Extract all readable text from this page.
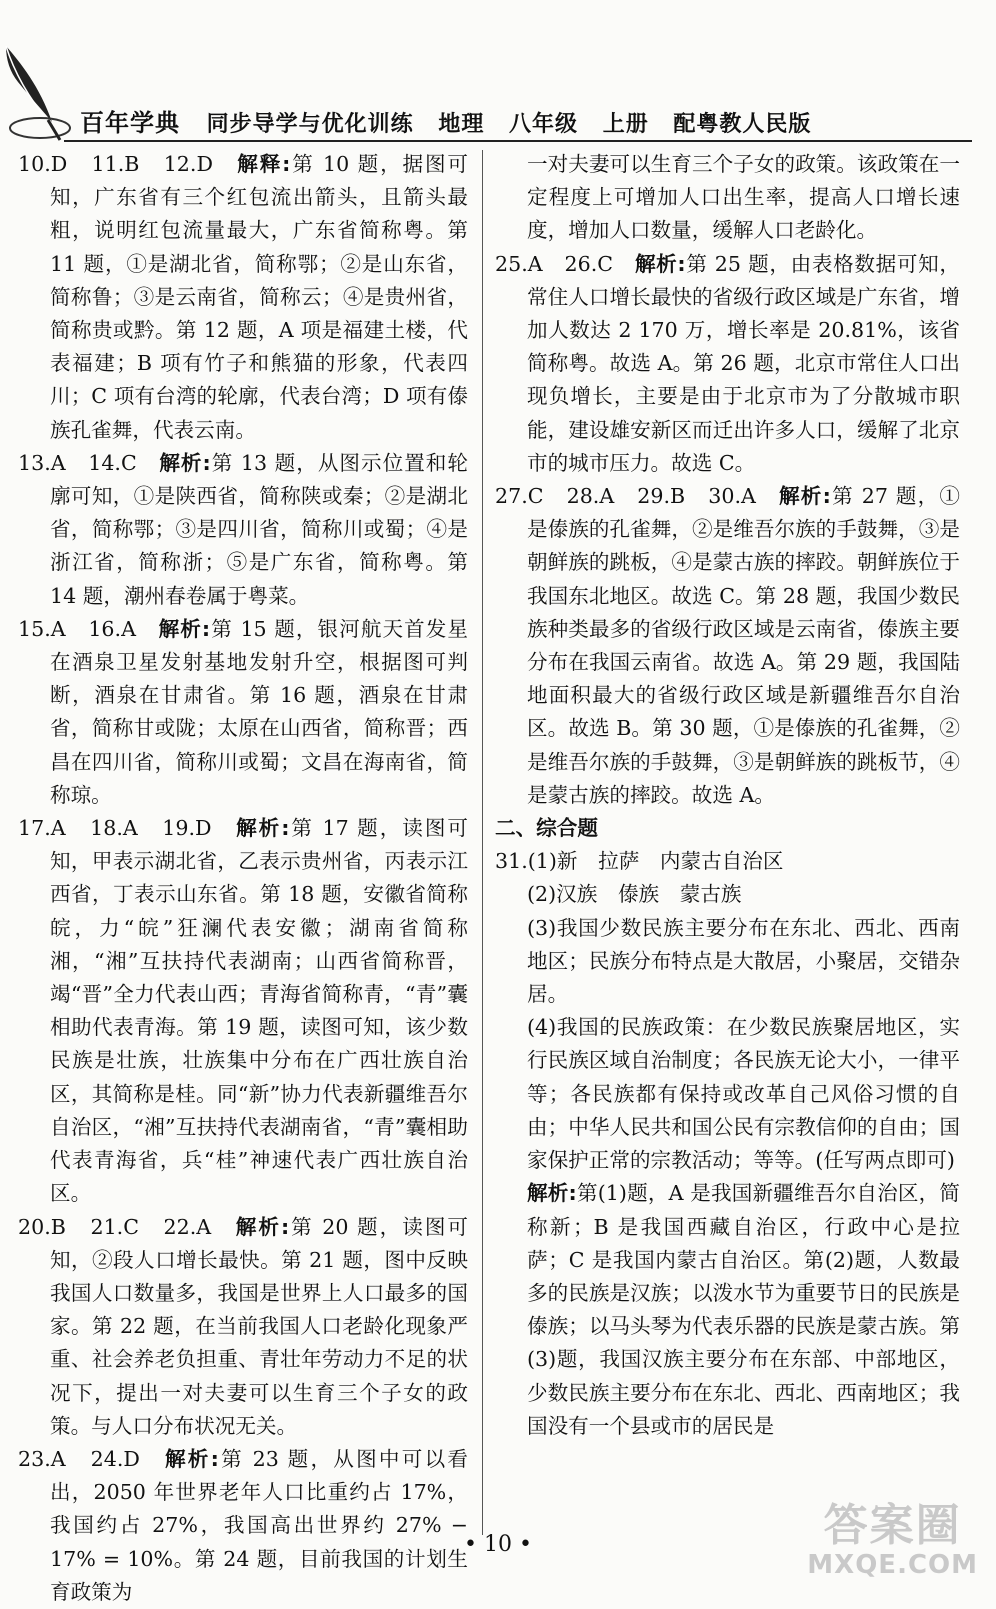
百年学典 同步导学与优化训练 地理 八年级 上册 配粤教人民版

10.D　11.B　12.D　解释:第 10 题，据图可知，广东省有三个红包流出箭头，且箭头最粗，说明红包流量最大，广东省简称粤。第 11 题，①是湖北省，简称鄂；②是山东省，简称鲁；③是云南省，简称云；④是贵州省，简称贵或黔。第 12 题，A 项是福建土楼，代表福建；B 项有竹子和熊猫的形象，代表四川；C 项有台湾的轮廓，代表台湾；D 项有傣族孔雀舞，代表云南。

13.A　14.C　解析:第 13 题，从图示位置和轮廓可知，①是陕西省，简称陕或秦；②是湖北省，简称鄂；③是四川省，简称川或蜀；④是浙江省，简称浙；⑤是广东省，简称粤。第 14 题，潮州春卷属于粤菜。

15.A　16.A　解析:第 15 题，银河航天首发星在酒泉卫星发射基地发射升空，根据图可判断，酒泉在甘肃省。第 16 题，酒泉在甘肃省，简称甘或陇；太原在山西省，简称晋；西昌在四川省，简称川或蜀；文昌在海南省，简称琼。

17.A　18.A　19.D　解析:第 17 题，读图可知，甲表示湖北省，乙表示贵州省，丙表示江西省，丁表示山东省。第 18 题，安徽省简称皖，力“皖”狂澜代表安徽；湖南省简称湘，“湘”互扶持代表湖南；山西省简称晋，竭“晋”全力代表山西；青海省简称青，“青”囊相助代表青海。第 19 题，读图可知，该少数民族是壮族，壮族集中分布在广西壮族自治区，其简称是桂。同“新”协力代表新疆维吾尔自治区，“湘”互扶持代表湖南省，“青”囊相助代表青海省，兵“桂”神速代表广西壮族自治区。

20.B　21.C　22.A　解析:第 20 题，读图可知，②段人口增长最快。第 21 题，图中反映我国人口数量多，我国是世界上人口最多的国家。第 22 题，在当前我国人口老龄化现象严重、社会养老负担重、青壮年劳动力不足的状况下，提出一对夫妻可以生育三个子女的政策。与人口分布状况无关。

23.A　24.D　解析:第 23 题，从图中可以看出，2050 年世界老年人口比重约占 17%，我国约占 27%，我国高出世界约 27% − 17% = 10%。第 24 题，目前我国的计划生育政策为

一对夫妻可以生育三个子女的政策。该政策在一定程度上可增加人口出生率，提高人口增长速度，增加人口数量，缓解人口老龄化。

25.A　26.C　解析:第 25 题，由表格数据可知，常住人口增长最快的省级行政区域是广东省，增加人数达 2 170 万，增长率是 20.81%，该省简称粤。故选 A。第 26 题，北京市常住人口出现负增长，主要是由于北京市为了分散城市职能，建设雄安新区而迁出许多人口，缓解了北京市的城市压力。故选 C。

27.C　28.A　29.B　30.A　解析:第 27 题，①是傣族的孔雀舞，②是维吾尔族的手鼓舞，③是朝鲜族的跳板，④是蒙古族的摔跤。朝鲜族位于我国东北地区。故选 C。第 28 题，我国少数民族种类最多的省级行政区域是云南省，傣族主要分布在我国云南省。故选 A。第 29 题，我国陆地面积最大的省级行政区域是新疆维吾尔自治区。故选 B。第 30 题，①是傣族的孔雀舞，②是维吾尔族的手鼓舞，③是朝鲜族的跳板节，④是蒙古族的摔跤。故选 A。

二、综合题

31.(1)新　拉萨　内蒙古自治区

(2)汉族　傣族　蒙古族

(3)我国少数民族主要分布在东北、西北、西南地区；民族分布特点是大散居，小聚居，交错杂居。

(4)我国的民族政策：在少数民族聚居地区，实行民族区域自治制度；各民族无论大小，一律平等；各民族都有保持或改革自己风俗习惯的自由；中华人民共和国公民有宗教信仰的自由；国家保护正常的宗教活动；等等。(任写两点即可)

解析:第(1)题，A 是我国新疆维吾尔自治区，简称新；B 是我国西藏自治区，行政中心是拉萨；C 是我国内蒙古自治区。第(2)题，人数最多的民族是汉族；以泼水节为重要节日的民族是傣族；以马头琴为代表乐器的民族是蒙古族。第(3)题，我国汉族主要分布在东部、中部地区，少数民族主要分布在东北、西北、西南地区；我国没有一个县或市的居民是

• 10 •	答案圈
MXQE.COM
